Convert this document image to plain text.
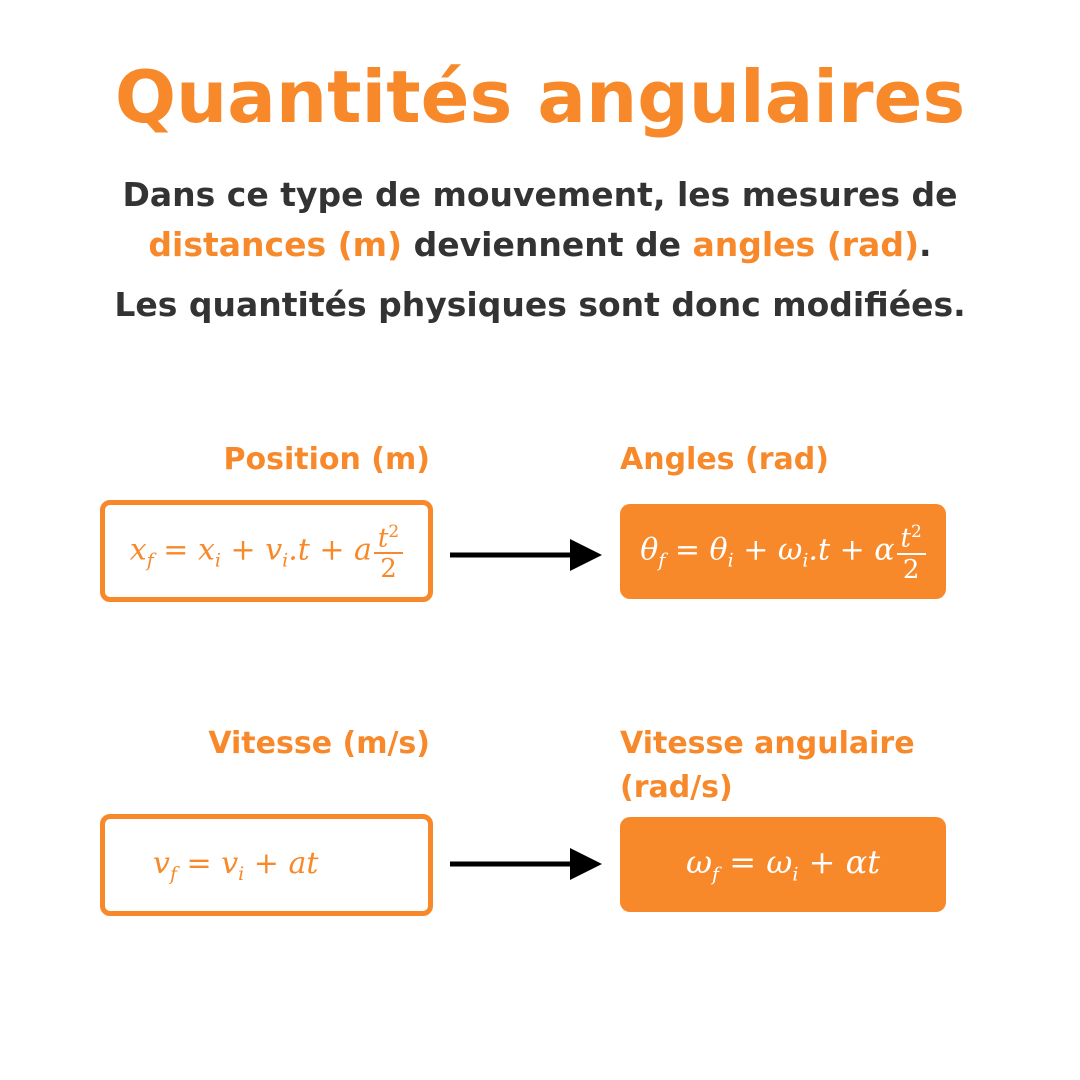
Quantités angulaires
Dans ce type de mouvement, les mesures de
distances (m) deviennent de angles (rad).
Les quantités physiques sont donc modifiées.
Position (m)	Angles (rad)
$x_f = x_i + v_i.t + a \frac{t^2}{2}$	$\theta_f = \theta_i + \omega_i.t + \alpha \frac{t^2}{2}$
Vitesse (m/s)	Vitesse angulaire
(rad/s)
$v_f = v_i$ + at	$\omega_f = \omega_i + \alpha t$
